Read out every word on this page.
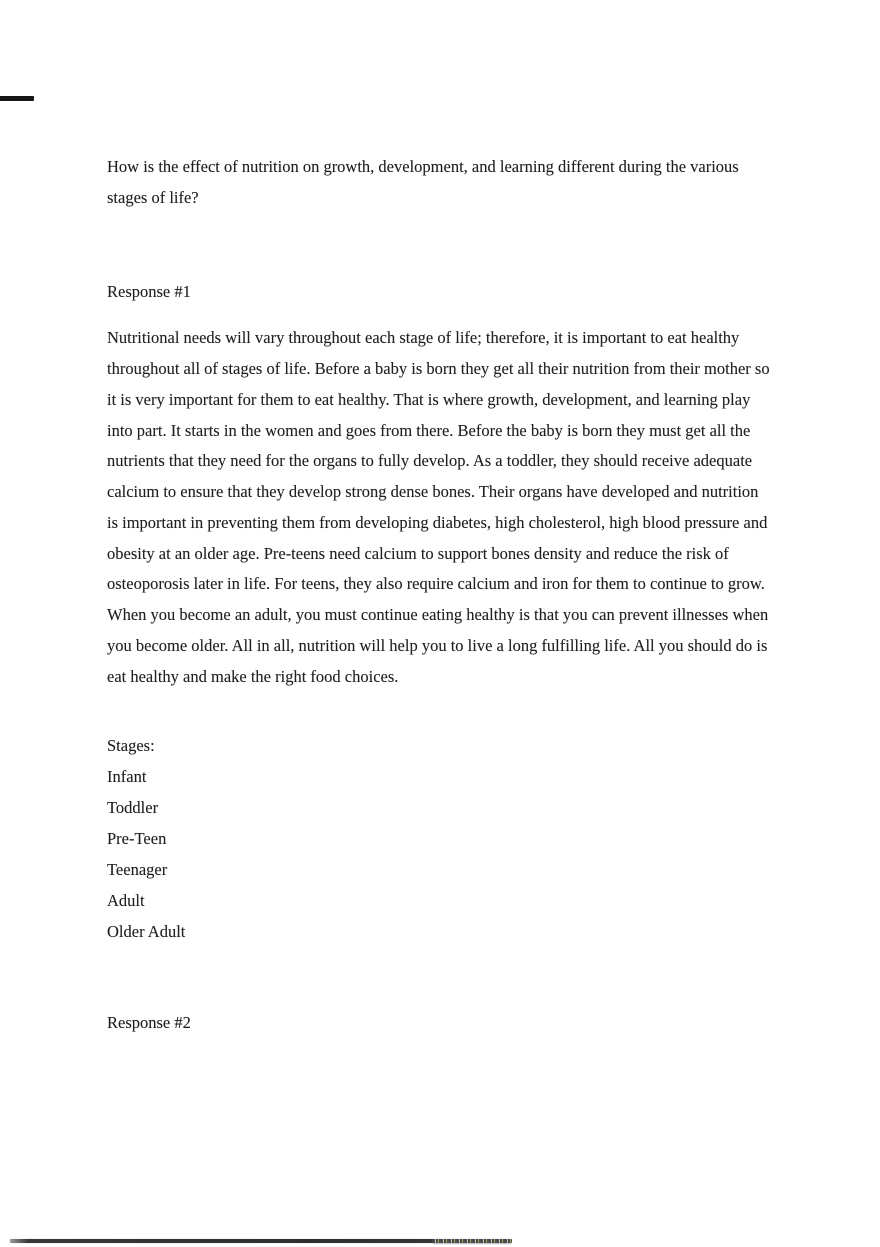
How is the effect of nutrition on growth, development, and learning different during the various stages of life?

Response #1

Nutritional needs will vary throughout each stage of life; therefore, it is important to eat healthy throughout all of stages of life. Before a baby is born they get all their nutrition from their mother so it is very important for them to eat healthy. That is where growth, development, and learning play into part. It starts in the women and goes from there. Before the baby is born they must get all the nutrients that they need for the organs to fully develop. As a toddler, they should receive adequate calcium to ensure that they develop strong dense bones. Their organs have developed and nutrition is important in preventing them from developing diabetes, high cholesterol, high blood pressure and obesity at an older age. Pre-teens need calcium to support bones density and reduce the risk of osteoporosis later in life. For teens, they also require calcium and iron for them to continue to grow. When you become an adult, you must continue eating healthy is that you can prevent illnesses when you become older. All in all, nutrition will help you to live a long fulfilling life. All you should do is eat healthy and make the right food choices.

Stages:
Infant
Toddler
Pre-Teen
Teenager
Adult
Older Adult

Response #2
